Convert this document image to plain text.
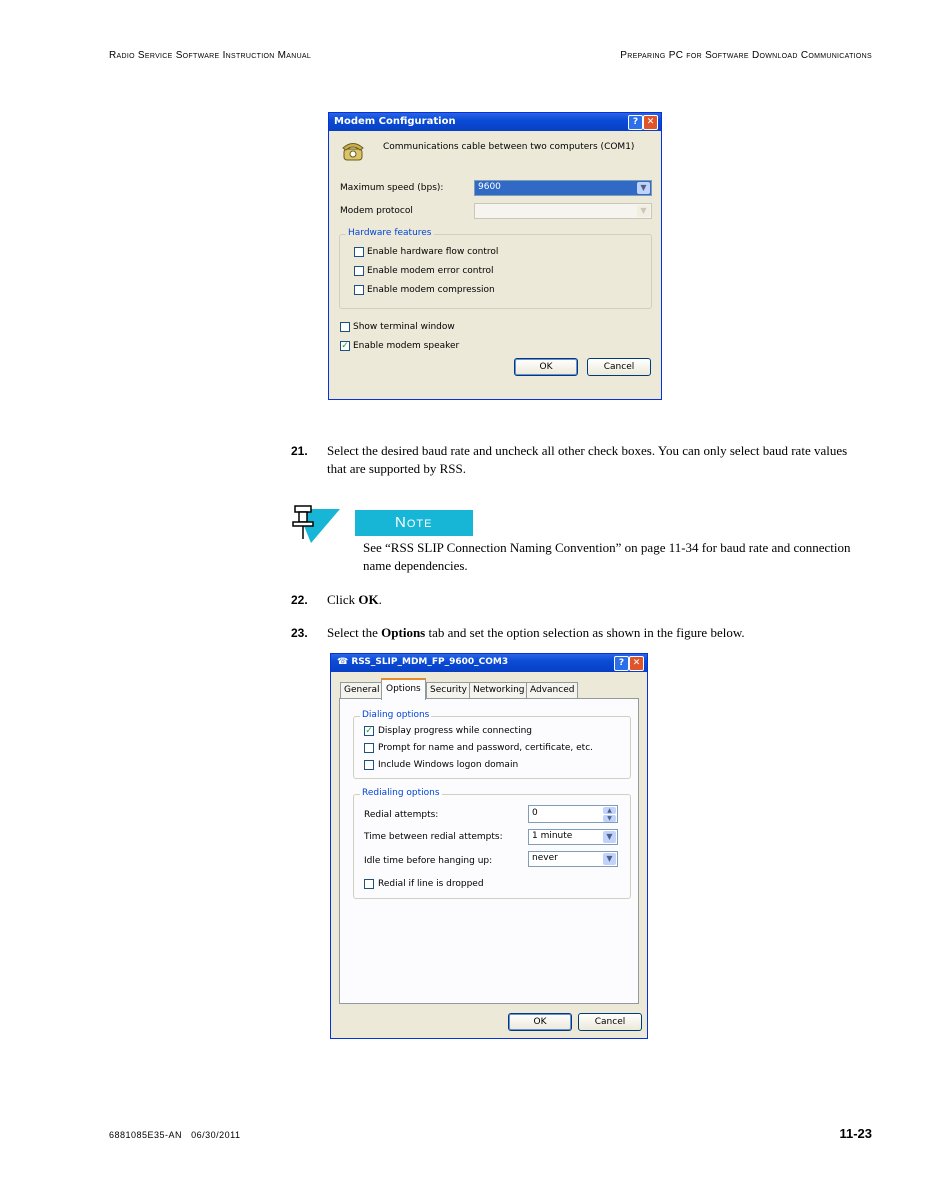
Radio Service Software Instruction Manual	Preparing PC for Software Download Communications
Modem Configuration	? ✕
Communications cable between two computers (COM1)
Maximum speed (bps):	9600	▼
Modem protocol	▼
Hardware features
Enable hardware flow control
Enable modem error control
Enable modem compression
Show terminal window
✓ Enable modem speaker
OK	Cancel
21. Select the desired baud rate and uncheck all other check boxes. You can only select baud rate values that are supported by RSS.
Note
See “RSS SLIP Connection Naming Convention” on page 11-34 for baud rate and connection name dependencies.
22. Click OK.
23. Select the Options tab and set the option selection as shown in the figure below.
☎ RSS_SLIP_MDM_FP_9600_COM3	? ✕
General Options	Security Networking Advanced
Dialing options
✓ Display progress while connecting
Prompt for name and password, certificate, etc.
Include Windows logon domain
Redialing options
Redial attempts:	0	▲
▼
Time between redial attempts:	1 minute	▼
Idle time before hanging up:	never	▼
Redial if line is dropped
OK	Cancel
6881085E35-AN 06/30/2011	11-23
